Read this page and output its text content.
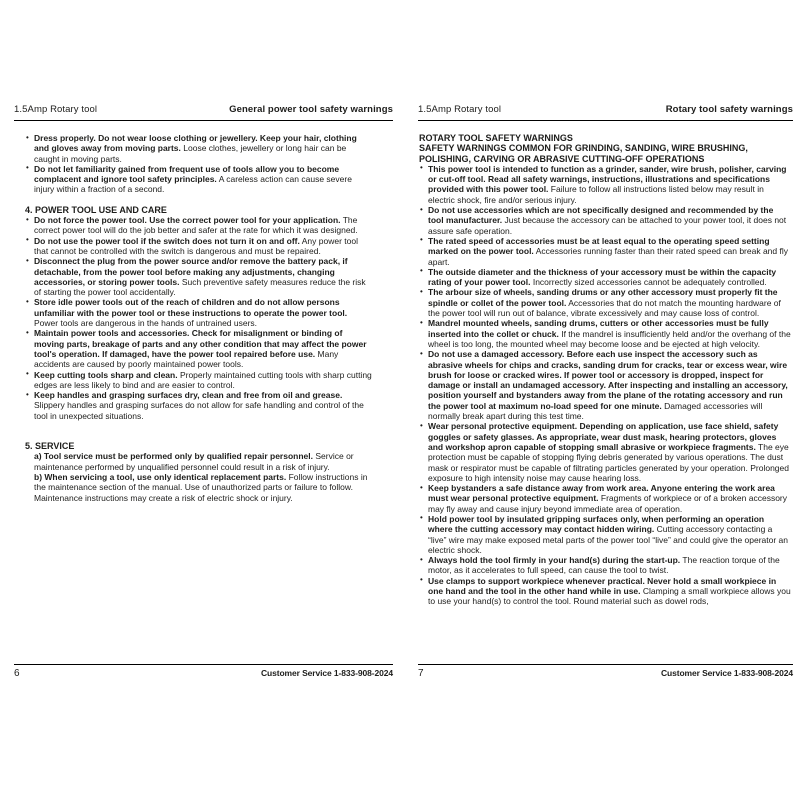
1.5Amp Rotary tool	General power tool safety warnings
• Dress properly. Do not wear loose clothing or jewellery. Keep your hair, clothing and gloves away from moving parts. Loose clothes, jewellery or long hair can be caught in moving parts.
• Do not let familiarity gained from frequent use of tools allow you to become complacent and ignore tool safety principles. A careless action can cause severe injury within a fraction of a second.
4. POWER TOOL USE AND CARE
• Do not force the power tool. Use the correct power tool for your application. The correct power tool will do the job better and safer at the rate for which it was designed.
• Do not use the power tool if the switch does not turn it on and off. Any power tool that cannot be controlled with the switch is dangerous and must be repaired.
• Disconnect the plug from the power source and/or remove the battery pack, if detachable, from the power tool before making any adjustments, changing accessories, or storing power tools. Such preventive safety measures reduce the risk of starting the power tool accidentally.
• Store idle power tools out of the reach of children and do not allow persons unfamiliar with the power tool or these instructions to operate the power tool. Power tools are dangerous in the hands of untrained users.
• Maintain power tools and accessories. Check for misalignment or binding of moving parts, breakage of parts and any other condition that may affect the power tool's operation. If damaged, have the power tool repaired before use. Many accidents are caused by poorly maintained power tools.
• Keep cutting tools sharp and clean. Properly maintained cutting tools with sharp cutting edges are less likely to bind and are easier to control.
• Keep handles and grasping surfaces dry, clean and free from oil and grease. Slippery handles and grasping surfaces do not allow for safe handling and control of the tool in unexpected situations.
5. SERVICE
a) Tool service must be performed only by qualified repair personnel. Service or maintenance performed by unqualified personnel could result in a risk of injury.
b) When servicing a tool, use only identical replacement parts. Follow instructions in the maintenance section of the manual. Use of unauthorized parts or failure to follow. Maintenance instructions may create a risk of electric shock or injury.
6	Customer Service 1-833-908-2024
1.5Amp Rotary tool	Rotary tool safety warnings
ROTARY TOOL SAFETY WARNINGS
SAFETY WARNINGS COMMON FOR GRINDING, SANDING, WIRE BRUSHING, POLISHING, CARVING OR ABRASIVE CUTTING-OFF OPERATIONS
• This power tool is intended to function as a grinder, sander, wire brush, polisher, carving or cut-off tool. Read all safety warnings, instructions, illustrations and specifications provided with this power tool. Failure to follow all instructions listed below may result in electric shock, fire and/or serious injury.
• Do not use accessories which are not specifically designed and recommended by the tool manufacturer. Just because the accessory can be attached to your power tool, it does not assure safe operation.
• The rated speed of accessories must be at least equal to the operating speed setting marked on the power tool. Accessories running faster than their rated speed can break and fly apart.
• The outside diameter and the thickness of your accessory must be within the capacity rating of your power tool. Incorrectly sized accessories cannot be adequately controlled.
• The arbour size of wheels, sanding drums or any other accessory must properly fit the spindle or collet of the power tool. Accessories that do not match the mounting hardware of the power tool will run out of balance, vibrate excessively and may cause loss of control.
• Mandrel mounted wheels, sanding drums, cutters or other accessories must be fully inserted into the collet or chuck. If the mandrel is insufficiently held and/or the overhang of the wheel is too long, the mounted wheel may become loose and be ejected at high velocity.
• Do not use a damaged accessory. Before each use inspect the accessory such as abrasive wheels for chips and cracks, sanding drum for cracks, tear or excess wear, wire brush for loose or cracked wires. If power tool or accessory is dropped, inspect for damage or install an undamaged accessory. After inspecting and installing an accessory, position yourself and bystanders away from the plane of the rotating accessory and run the power tool at maximum no-load speed for one minute. Damaged accessories will normally break apart during this test time.
• Wear personal protective equipment. Depending on application, use face shield, safety goggles or safety glasses. As appropriate, wear dust mask, hearing protectors, gloves and workshop apron capable of stopping small abrasive or workpiece fragments. The eye protection must be capable of stopping flying debris generated by various operations. The dust mask or respirator must be capable of filtrating particles generated by your operation. Prolonged exposure to high intensity noise may cause hearing loss.
• Keep bystanders a safe distance away from work area. Anyone entering the work area must wear personal protective equipment. Fragments of workpiece or of a broken accessory may fly away and cause injury beyond immediate area of operation.
• Hold power tool by insulated gripping surfaces only, when performing an operation where the cutting accessory may contact hidden wiring. Cutting accessory contacting a “live” wire may make exposed metal parts of the power tool “live” and could give the operator an electric shock.
• Always hold the tool firmly in your hand(s) during the start-up. The reaction torque of the motor, as it accelerates to full speed, can cause the tool to twist.
• Use clamps to support workpiece whenever practical. Never hold a small workpiece in one hand and the tool in the other hand while in use. Clamping a small workpiece allows you to use your hand(s) to control the tool. Round material such as dowel rods,
7	Customer Service 1-833-908-2024
